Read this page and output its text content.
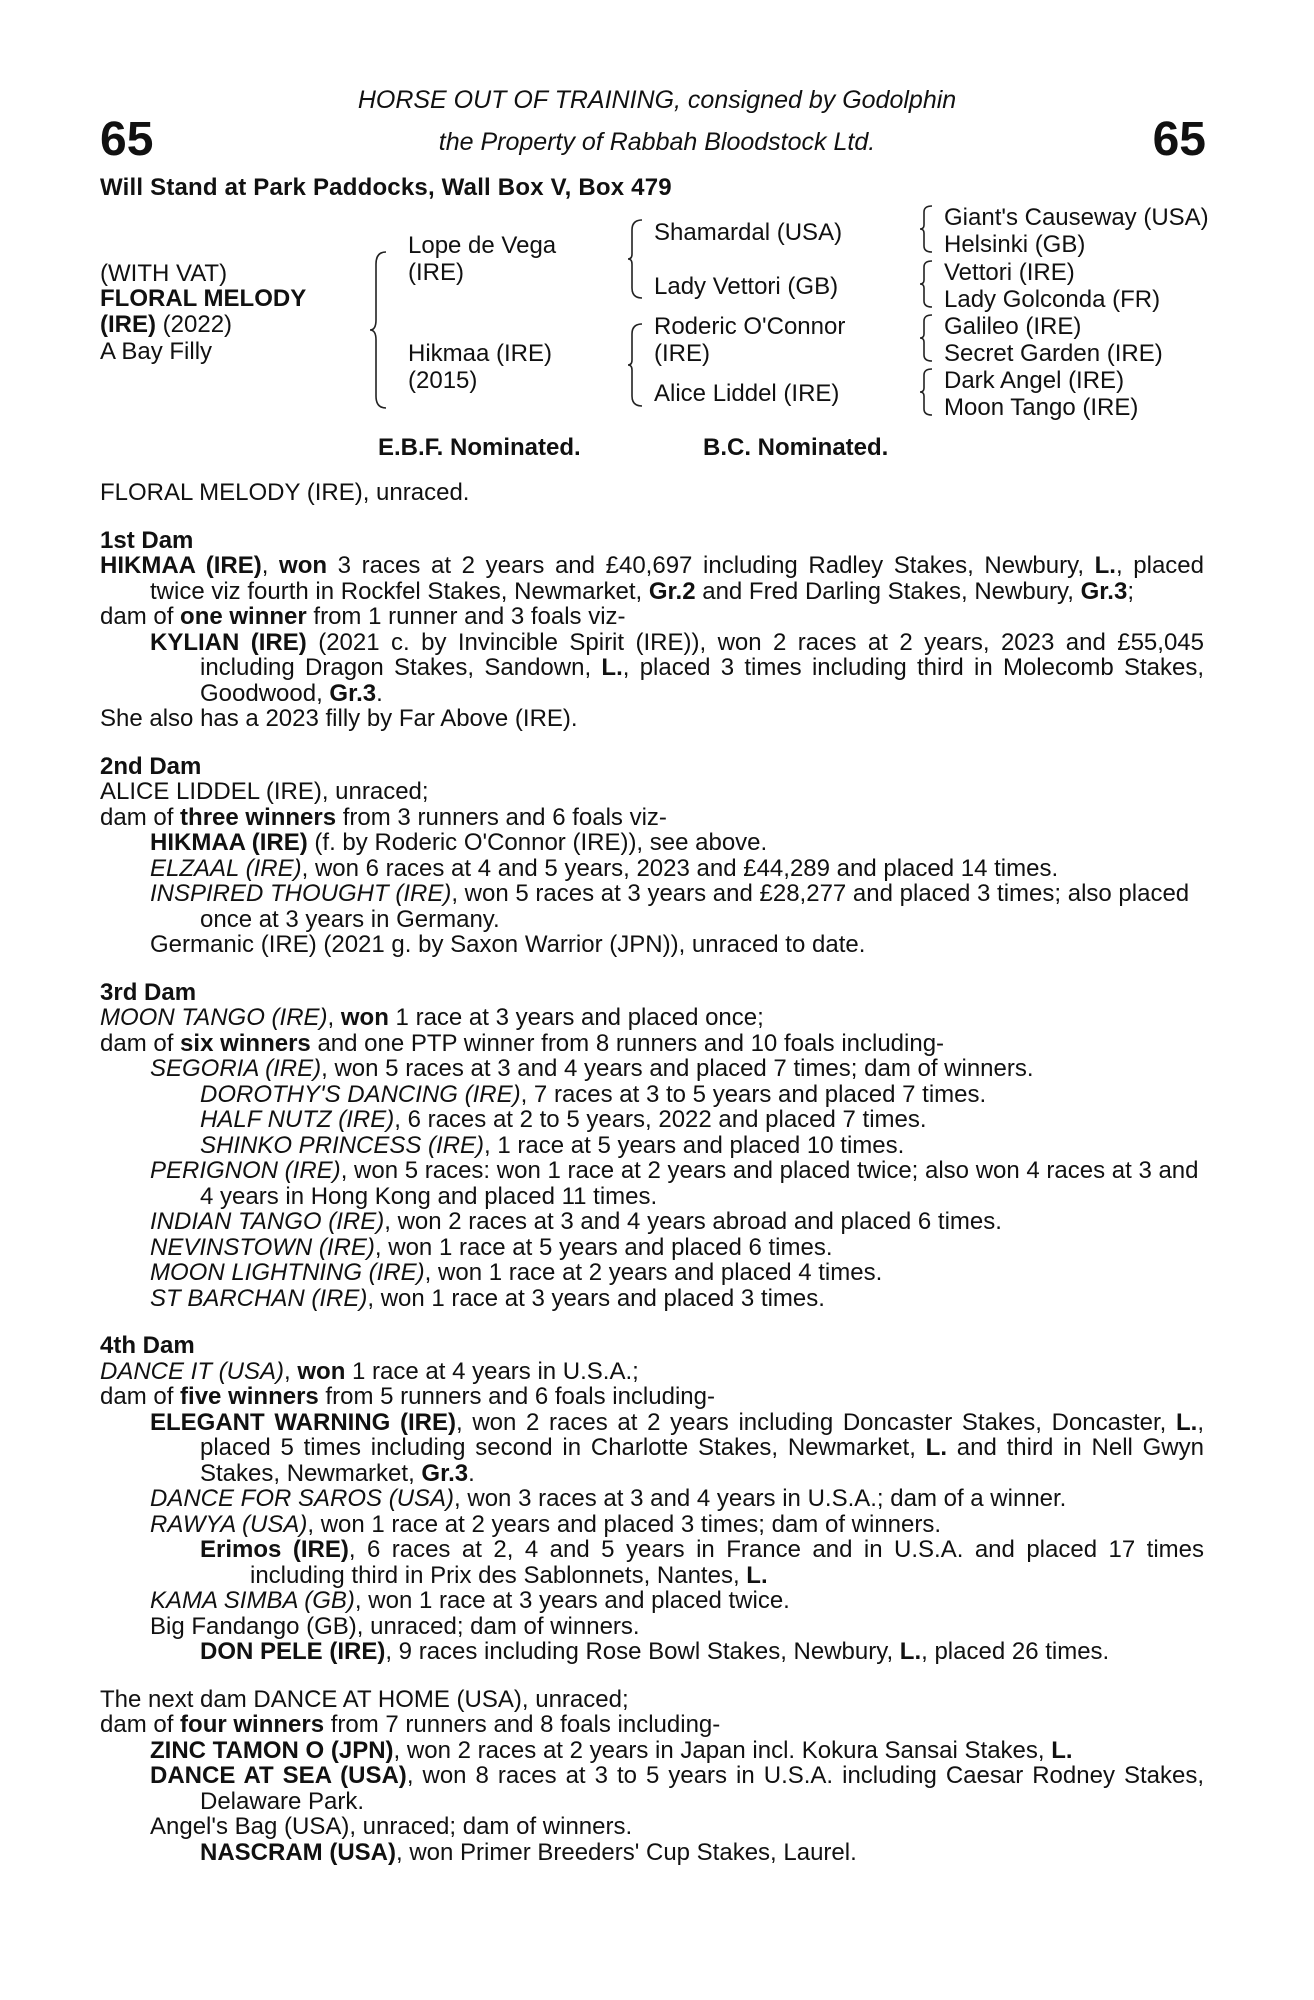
65	65
HORSE OUT OF TRAINING, consigned by Godolphin
the Property of Rabbah Bloodstock Ltd.
Will Stand at Park Paddocks, Wall Box V, Box 479
(WITH VAT)
FLORAL MELODY
(IRE) (2022)
A Bay Filly
Lope de Vega
(IRE)
Hikmaa (IRE)
(2015)
Shamardal (USA)
Lady Vettori (GB)
Roderic O'Connor
(IRE)
Alice Liddel (IRE)
Giant's Causeway (USA)
Helsinki (GB)
Vettori (IRE)
Lady Golconda (FR)
Galileo (IRE)
Secret Garden (IRE)
Dark Angel (IRE)
Moon Tango (IRE)
E.B.F. Nominated.	B.C. Nominated.

FLORAL MELODY (IRE), unraced.

1st Dam

HIKMAA (IRE), won 3 races at 2 years and £40,697 including Radley Stakes, Newbury, L., placed twice viz fourth in Rockfel Stakes, Newmarket, Gr.2 and Fred Darling Stakes, Newbury, Gr.3;

dam of one winner from 1 runner and 3 foals viz-

KYLIAN (IRE) (2021 c. by Invincible Spirit (IRE)), won 2 races at 2 years, 2023 and £55,045 including Dragon Stakes, Sandown, L., placed 3 times including third in Molecomb Stakes, Goodwood, Gr.3.

She also has a 2023 filly by Far Above (IRE).

2nd Dam

ALICE LIDDEL (IRE), unraced;

dam of three winners from 3 runners and 6 foals viz-

HIKMAA (IRE) (f. by Roderic O'Connor (IRE)), see above.

ELZAAL (IRE), won 6 races at 4 and 5 years, 2023 and £44,289 and placed 14 times.

INSPIRED THOUGHT (IRE), won 5 races at 3 years and £28,277 and placed 3 times; also placed once at 3 years in Germany.

Germanic (IRE) (2021 g. by Saxon Warrior (JPN)), unraced to date.

3rd Dam

MOON TANGO (IRE), won 1 race at 3 years and placed once;

dam of six winners and one PTP winner from 8 runners and 10 foals including-

SEGORIA (IRE), won 5 races at 3 and 4 years and placed 7 times; dam of winners.

DOROTHY'S DANCING (IRE), 7 races at 3 to 5 years and placed 7 times.

HALF NUTZ (IRE), 6 races at 2 to 5 years, 2022 and placed 7 times.

SHINKO PRINCESS (IRE), 1 race at 5 years and placed 10 times.

PERIGNON (IRE), won 5 races: won 1 race at 2 years and placed twice; also won 4 races at 3 and 4 years in Hong Kong and placed 11 times.

INDIAN TANGO (IRE), won 2 races at 3 and 4 years abroad and placed 6 times.

NEVINSTOWN (IRE), won 1 race at 5 years and placed 6 times.

MOON LIGHTNING (IRE), won 1 race at 2 years and placed 4 times.

ST BARCHAN (IRE), won 1 race at 3 years and placed 3 times.

4th Dam

DANCE IT (USA), won 1 race at 4 years in U.S.A.;

dam of five winners from 5 runners and 6 foals including-

ELEGANT WARNING (IRE), won 2 races at 2 years including Doncaster Stakes, Doncaster, L., placed 5 times including second in Charlotte Stakes, Newmarket, L. and third in Nell Gwyn Stakes, Newmarket, Gr.3.

DANCE FOR SAROS (USA), won 3 races at 3 and 4 years in U.S.A.; dam of a winner.

RAWYA (USA), won 1 race at 2 years and placed 3 times; dam of winners.

Erimos (IRE), 6 races at 2, 4 and 5 years in France and in U.S.A. and placed 17 times including third in Prix des Sablonnets, Nantes, L.

KAMA SIMBA (GB), won 1 race at 3 years and placed twice.

Big Fandango (GB), unraced; dam of winners.

DON PELE (IRE), 9 races including Rose Bowl Stakes, Newbury, L., placed 26 times.

The next dam DANCE AT HOME (USA), unraced;

dam of four winners from 7 runners and 8 foals including-

ZINC TAMON O (JPN), won 2 races at 2 years in Japan incl. Kokura Sansai Stakes, L.

DANCE AT SEA (USA), won 8 races at 3 to 5 years in U.S.A. including Caesar Rodney Stakes, Delaware Park.

Angel's Bag (USA), unraced; dam of winners.

NASCRAM (USA), won Primer Breeders' Cup Stakes, Laurel.
